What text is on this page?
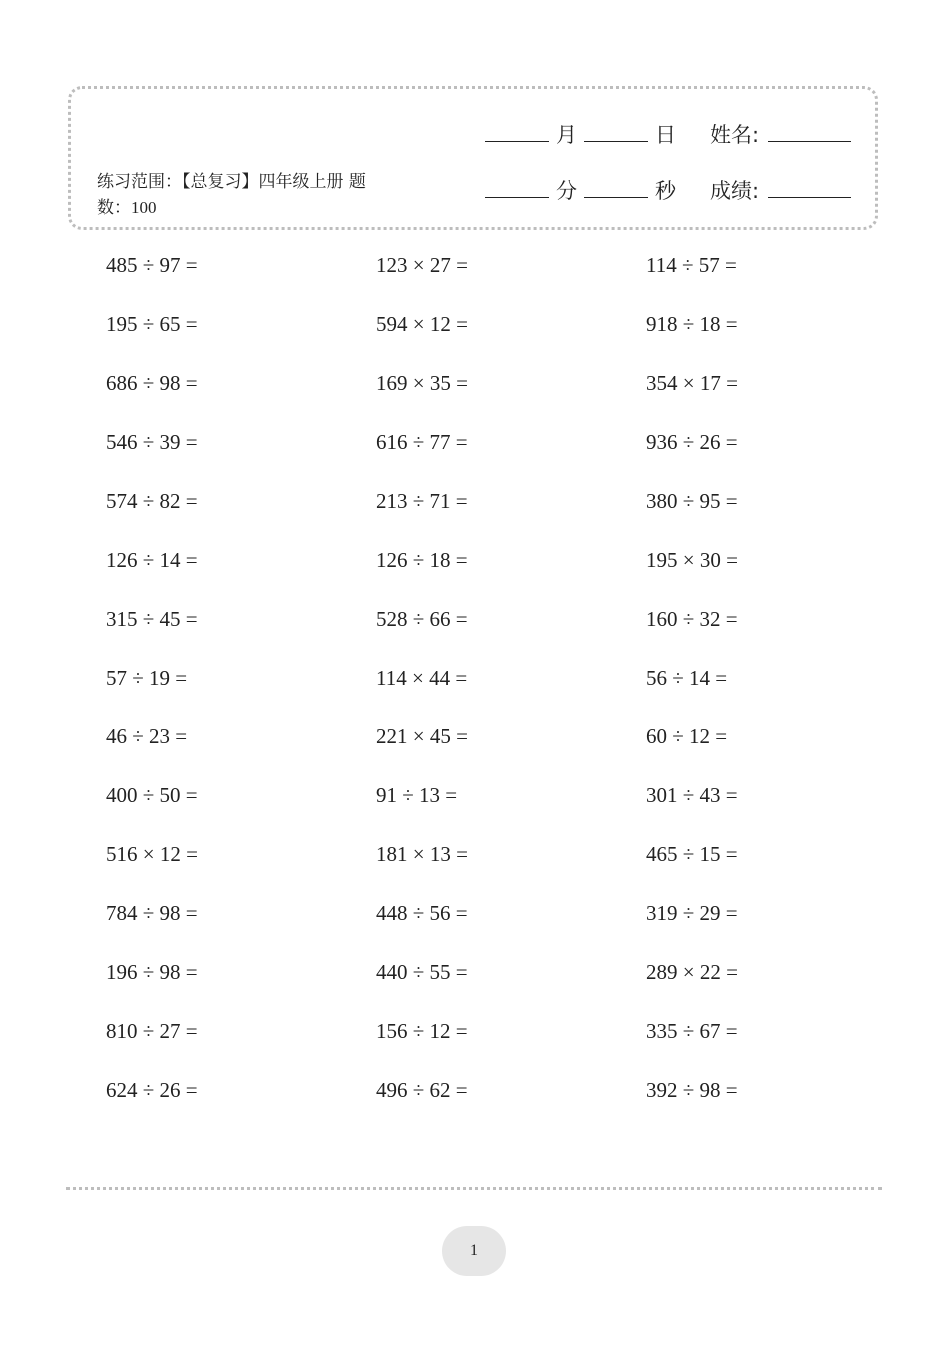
练习范围：【总复习】四年级上册 题数：100
月	日 姓名:
分	秒 成绩:
485 ÷ 97 =	123 × 27 =	114 ÷ 57 =
195 ÷ 65 =	594 × 12 =	918 ÷ 18 =
686 ÷ 98 =	169 × 35 =	354 × 17 =
546 ÷ 39 =	616 ÷ 77 =	936 ÷ 26 =
574 ÷ 82 =	213 ÷ 71 =	380 ÷ 95 =
126 ÷ 14 =	126 ÷ 18 =	195 × 30 =
315 ÷ 45 =	528 ÷ 66 =	160 ÷ 32 =
57 ÷ 19 =	114 × 44 =	56 ÷ 14 =
46 ÷ 23 =	221 × 45 =	60 ÷ 12 =
400 ÷ 50 =	91 ÷ 13 =	301 ÷ 43 =
516 × 12 =	181 × 13 =	465 ÷ 15 =
784 ÷ 98 =	448 ÷ 56 =	319 ÷ 29 =
196 ÷ 98 =	440 ÷ 55 =	289 × 22 =
810 ÷ 27 =	156 ÷ 12 =	335 ÷ 67 =
624 ÷ 26 =	496 ÷ 62 =	392 ÷ 98 =
1
